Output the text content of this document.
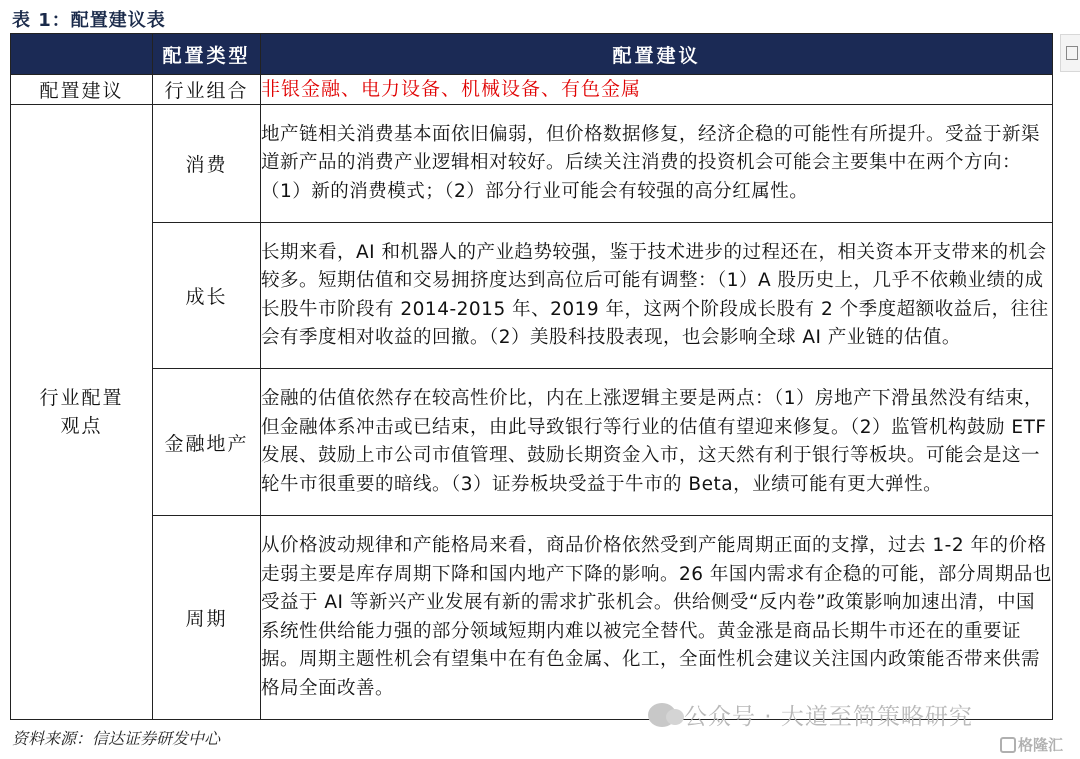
表 1：配置建议表
	配置类型	配置建议
配置建议	行业组合	非银金融、电力设备、机械设备、有色金属

行业配置观点	消费	地产链相关消费基本面依旧偏弱，但价格数据修复，经济企稳的可能性有所提升。受益于新渠道新产品的消费产业逻辑相对较好。后续关注消费的投资机会可能会主要集中在两个方向：（1）新的消费模式；（2）部分行业可能会有较强的高分红属性。
	成长	长期来看，AI 和机器人的产业趋势较强，鉴于技术进步的过程还在，相关资本开支带来的机会较多。短期估值和交易拥挤度达到高位后可能有调整：（1）A 股历史上，几乎不依赖业绩的成长股牛市阶段有 2014-2015 年、2019 年，这两个阶段成长股有 2 个季度超额收益后，往往会有季度相对收益的回撤。（2）美股科技股表现，也会影响全球 AI 产业链的估值。
	金融地产	金融的估值依然存在较高性价比，内在上涨逻辑主要是两点：（1）房地产下滑虽然没有结束，但金融体系冲击或已结束，由此导致银行等行业的估值有望迎来修复。（2）监管机构鼓励 ETF 发展、鼓励上市公司市值管理、鼓励长期资金入市，这天然有利于银行等板块。可能会是这一轮牛市很重要的暗线。（3）证券板块受益于牛市的 Beta，业绩可能有更大弹性。
	周期	从价格波动规律和产能格局来看，商品价格依然受到产能周期正面的支撑，过去 1-2 年的价格走弱主要是库存周期下降和国内地产下降的影响。26 年国内需求有企稳的可能，部分周期品也受益于 AI 等新兴产业发展有新的需求扩张机会。供给侧受“反内卷”政策影响加速出清，中国系统性供给能力强的部分领域短期内难以被完全替代。黄金涨是商品长期牛市还在的重要证据。周期主题性机会有望集中在有色金属、化工，全面性机会建议关注国内政策能否带来供需格局全面改善。
资料来源：信达证券研发中心
公众号 · 大道至简策略研究
格隆汇
